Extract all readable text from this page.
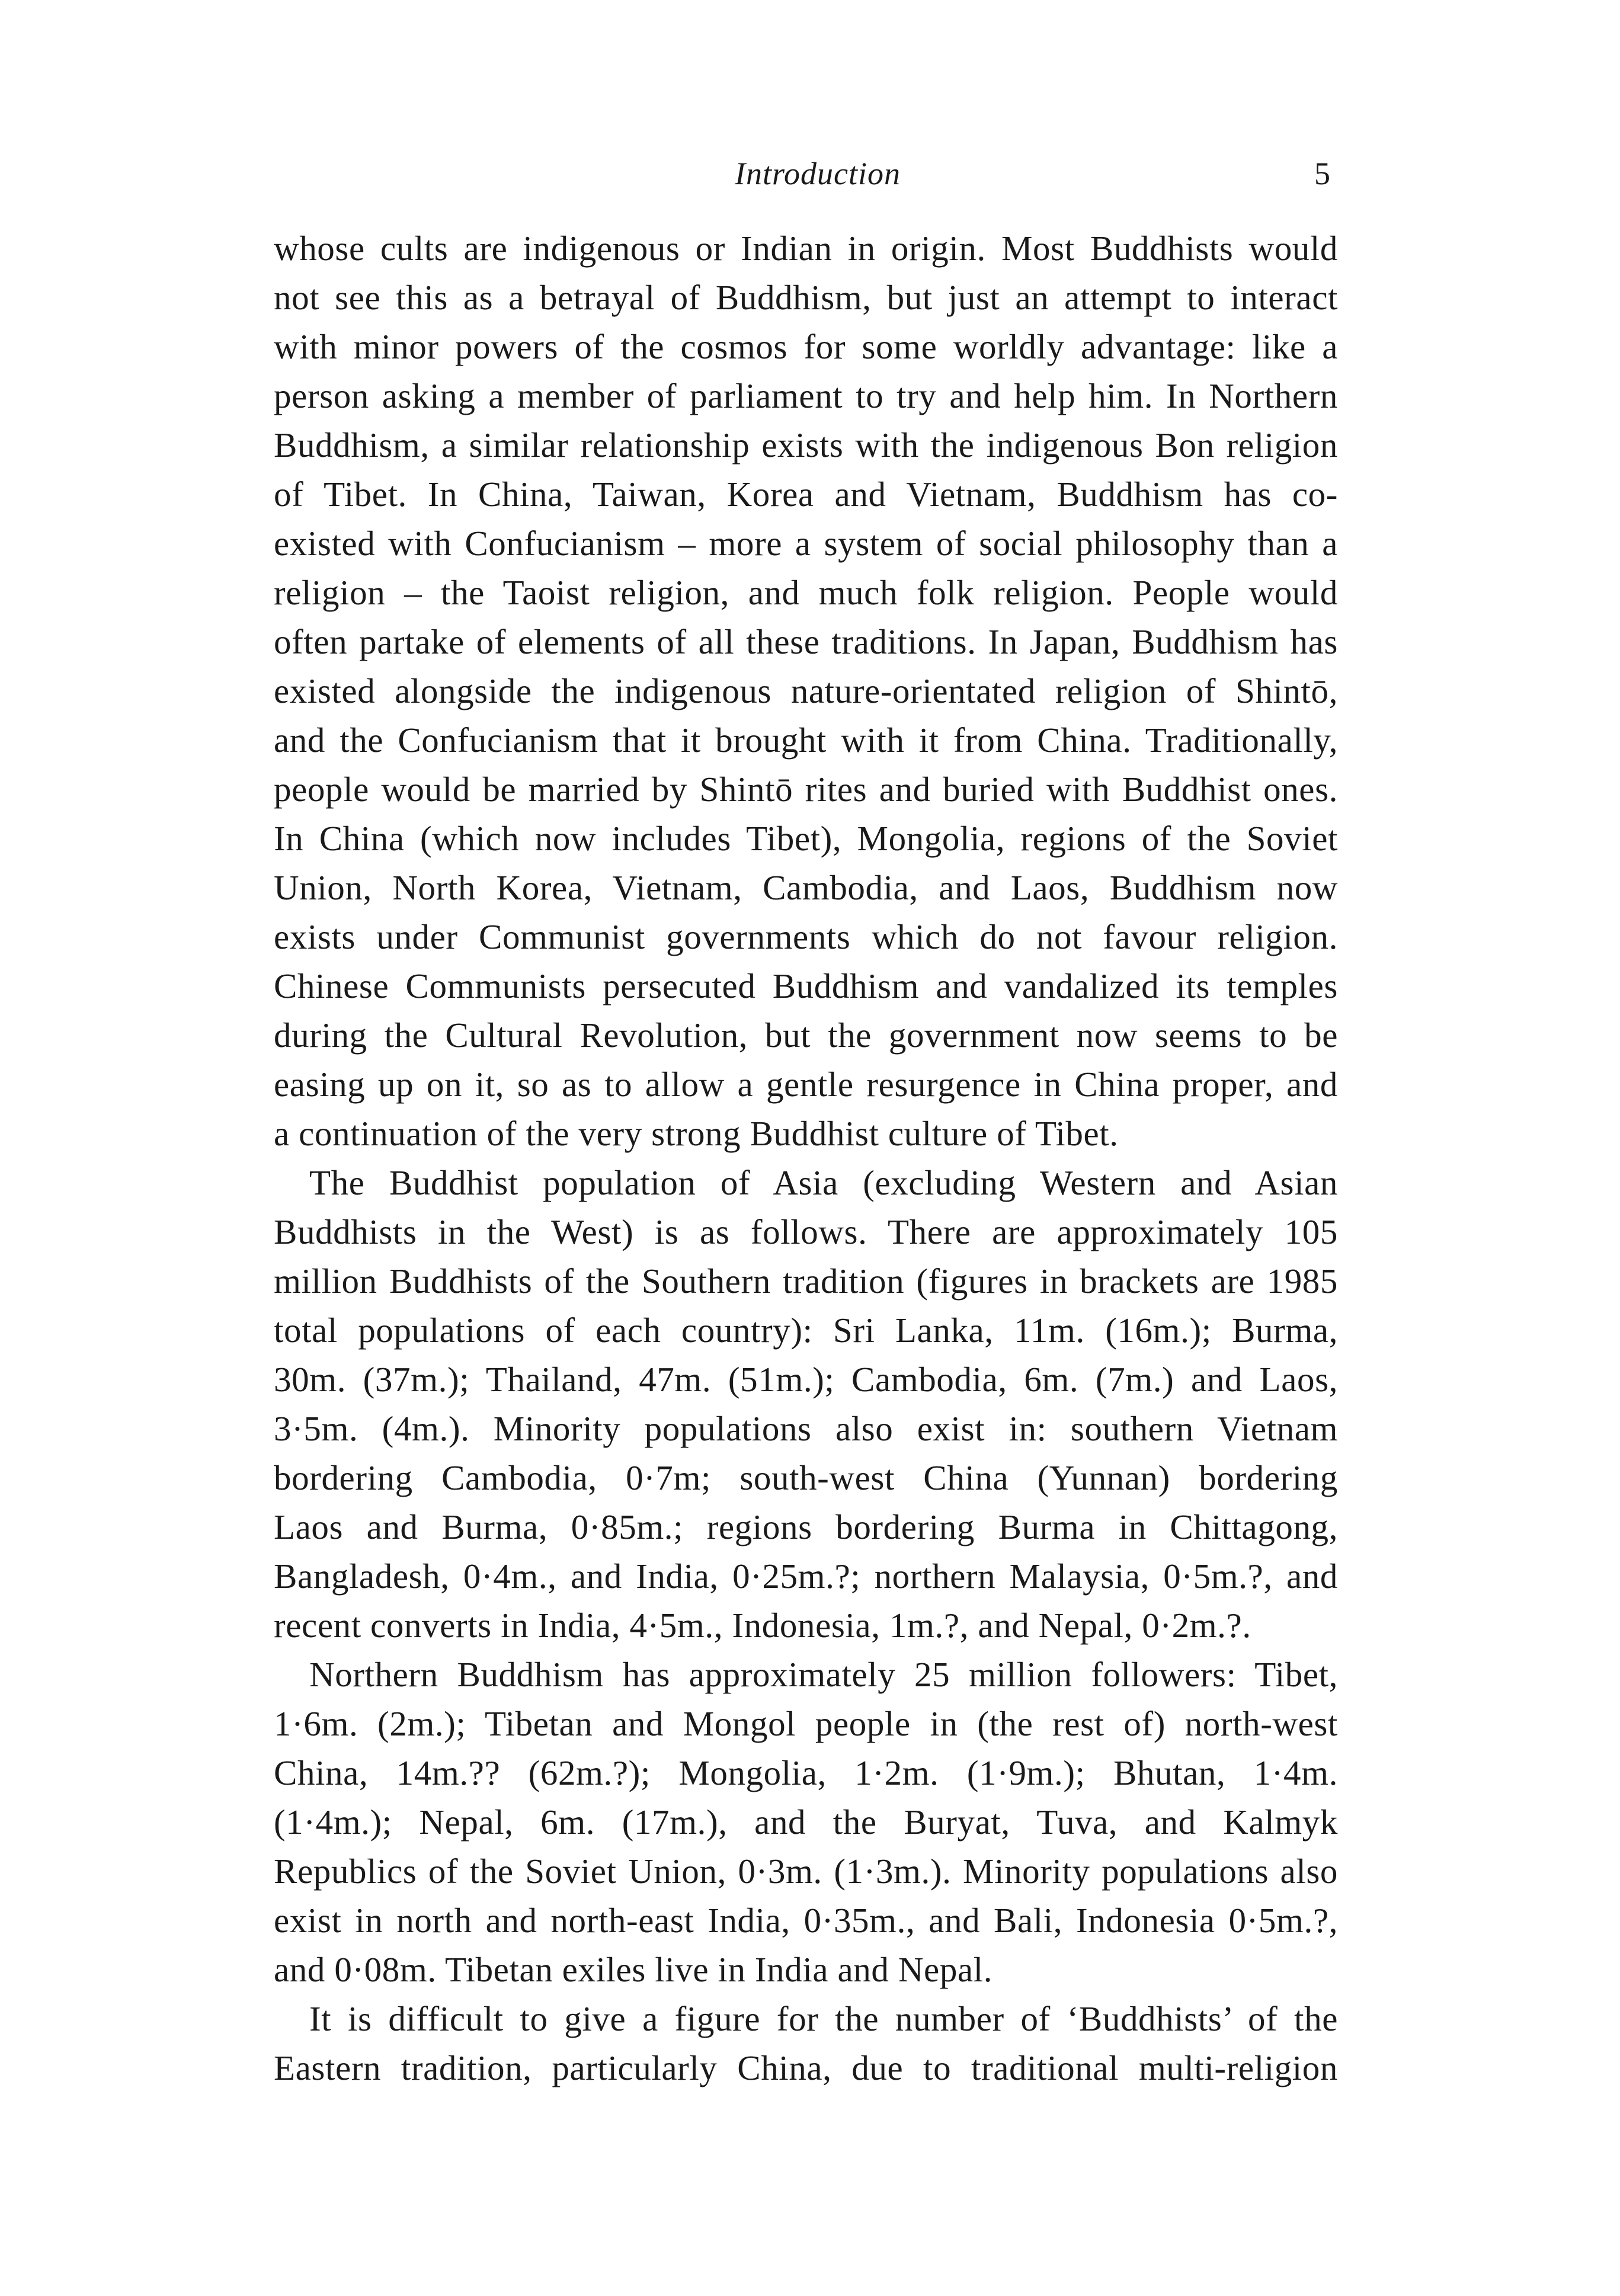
Introduction	5
whose cults are indigenous or Indian in origin. Most Buddhists would
not see this as a betrayal of Buddhism, but just an attempt to interact
with minor powers of the cosmos for some worldly advantage: like a
person asking a member of parliament to try and help him. In Northern
Buddhism, a similar relationship exists with the indigenous Bon religion
of Tibet. In China, Taiwan, Korea and Vietnam, Buddhism has co-
existed with Confucianism – more a system of social philosophy than a
religion – the Taoist religion, and much folk religion. People would
often partake of elements of all these traditions. In Japan, Buddhism has
existed alongside the indigenous nature-orientated religion of Shintō,
and the Confucianism that it brought with it from China. Traditionally,
people would be married by Shintō rites and buried with Buddhist ones.
In China (which now includes Tibet), Mongolia, regions of the Soviet
Union, North Korea, Vietnam, Cambodia, and Laos, Buddhism now
exists under Communist governments which do not favour religion.
Chinese Communists persecuted Buddhism and vandalized its temples
during the Cultural Revolution, but the government now seems to be
easing up on it, so as to allow a gentle resurgence in China proper, and
a continuation of the very strong Buddhist culture of Tibet.
The Buddhist population of Asia (excluding Western and Asian
Buddhists in the West) is as follows. There are approximately 105
million Buddhists of the Southern tradition (figures in brackets are 1985
total populations of each country): Sri Lanka, 11m. (16m.); Burma,
30m. (37m.); Thailand, 47m. (51m.); Cambodia, 6m. (7m.) and Laos,
3·5m. (4m.). Minority populations also exist in: southern Vietnam
bordering Cambodia, 0·7m; south-west China (Yunnan) bordering
Laos and Burma, 0·85m.; regions bordering Burma in Chittagong,
Bangladesh, 0·4m., and India, 0·25m.?; northern Malaysia, 0·5m.?, and
recent converts in India, 4·5m., Indonesia, 1m.?, and Nepal, 0·2m.?.
Northern Buddhism has approximately 25 million followers: Tibet,
1·6m. (2m.); Tibetan and Mongol people in (the rest of) north-west
China, 14m.?? (62m.?); Mongolia, 1·2m. (1·9m.); Bhutan, 1·4m.
(1·4m.); Nepal, 6m. (17m.), and the Buryat, Tuva, and Kalmyk
Republics of the Soviet Union, 0·3m. (1·3m.). Minority populations also
exist in north and north-east India, 0·35m., and Bali, Indonesia 0·5m.?,
and 0·08m. Tibetan exiles live in India and Nepal.
It is difficult to give a figure for the number of ‘Buddhists’ of the
Eastern tradition, particularly China, due to traditional multi-religion
